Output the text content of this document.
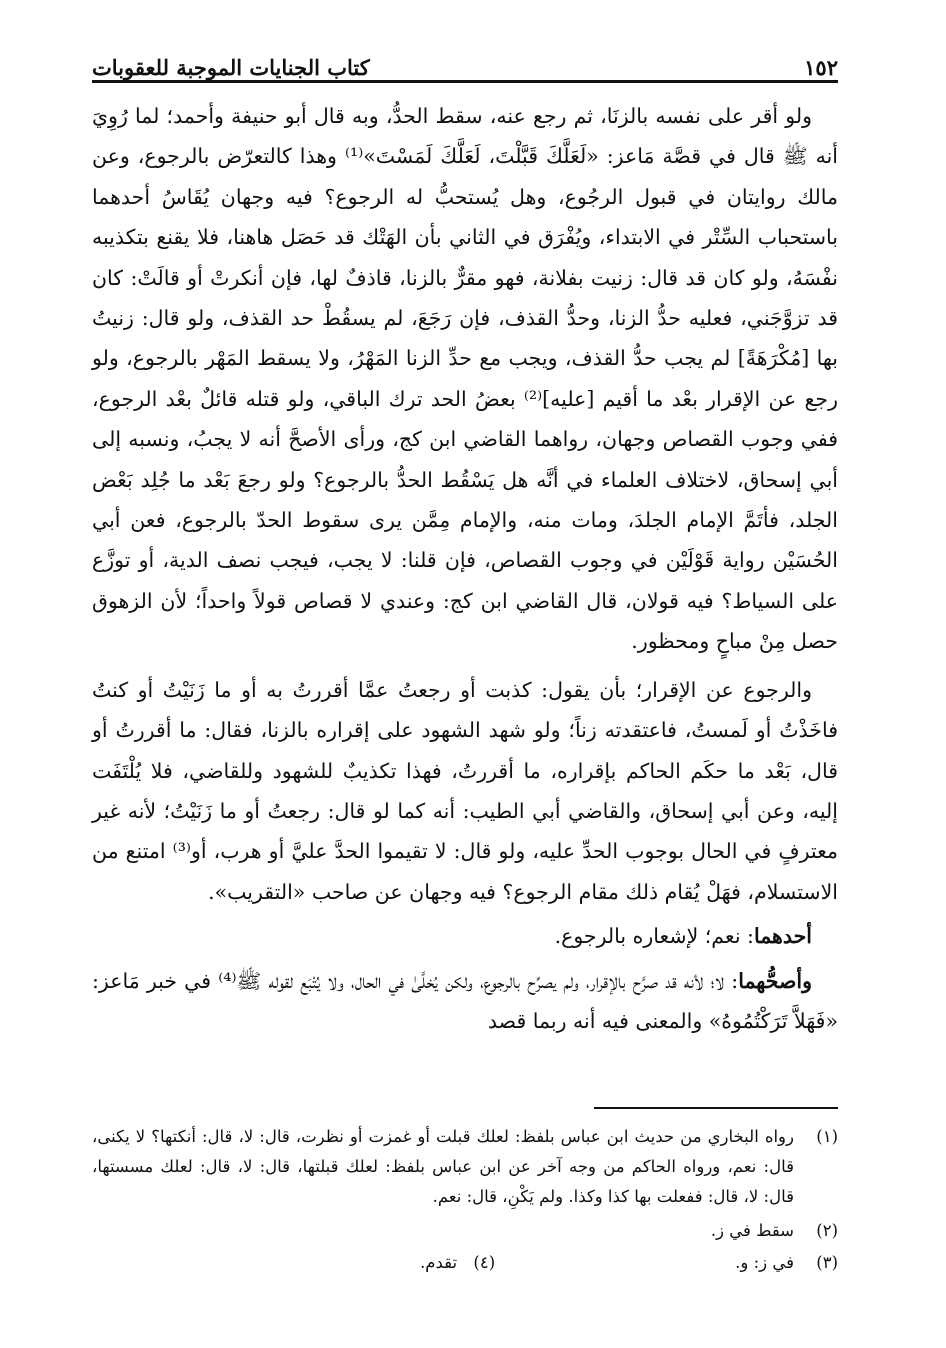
١٥٢
كتاب الجنايات الموجبة للعقوبات

ولو أقر على نفسه بالزنَا، ثم رجع عنه، سقط الحدُّ، وبه قال أبو حنيفة وأحمد؛ لما رُوِيَ أنه ﷺ قال في قصَّة مَاعز: «لَعَلَّكَ قَبَّلْتَ، لَعَلَّكَ لَمَسْتَ»⁽¹⁾ وهذا كالتعرّض بالرجوع، وعن مالك روايتان في قبول الرجُوع، وهل يُستحبُّ له الرجوع؟ فيه وجهان يُقَاسُ أحدهما باستحباب السِّتْر في الابتداء، ويُفْرَق في الثاني بأن الهَتْك قد حَصَل هاهنا، فلا يقنع بتكذيبه نفْسَهُ، ولو كان قد قال: زنيت بفلانة، فهو مقرٌّ بالزنا، قاذفٌ لها، فإن أنكرتْ أو قالَتْ: كان قد تزوَّجَني، فعليه حدُّ الزنا، وحدُّ القذف، فإن رَجَعَ، لم يسقُطْ حد القذف، ولو قال: زنيتُ بها [مُكْرَهَةً] لم يجب حدُّ القذف، ويجب مع حدِّ الزنا المَهْرُ، ولا يسقط المَهْر بالرجوع، ولو رجع عن الإقرار بعْد ما أقيم [عليه]⁽²⁾ بعضُ الحد ترك الباقي، ولو قتله قائلٌ بعْد الرجوع، ففي وجوب القصاص وجهان، رواهما القاضي ابن كج، ورأى الأصحَّ أنه لا يجبُ، ونسبه إلى أبي إسحاق، لاختلاف العلماء في أنَّه هل يَسْقُط الحدُّ بالرجوع؟ ولو رجعَ بَعْد ما جُلِد بَعْض الجلد، فأتَمَّ الإمام الجلدَ، ومات منه، والإمام مِمَّن يرى سقوط الحدّ بالرجوع، فعن أبي الحُسَيْن رواية قَوْلَيْن في وجوب القصاص، فإن قلنا: لا يجب، فيجب نصف الدية، أو توزَّع على السياط؟ فيه قولان، قال القاضي ابن كج: وعندي لا قصاص قولاً واحداً؛ لأن الزهوق حصل مِنْ مباحٍ ومحظور.

والرجوع عن الإقرار؛ بأن يقول: كذبت أو رجعتُ عمَّا أقررتُ به أو ما زَنَيْتُ أو كنتُ فاخَذْتُ أو لَمستُ، فاعتقدته زناً؛ ولو شهد الشهود على إقراره بالزنا، فقال: ما أقررتُ أو قال، بَعْد ما حكَم الحاكم بإقراره، ما أقررتُ، فهذا تكذيبٌ للشهود وللقاضي، فلا يُلْتَفَت إليه، وعن أبي إسحاق، والقاضي أبي الطيب: أنه كما لو قال: رجعتُ أو ما زَنَيْتُ؛ لأنه غير معترفٍ في الحال بوجوب الحدِّ عليه، ولو قال: لا تقيموا الحدَّ عليَّ أو هرب، أو⁽³⁾ امتنع من الاستسلام، فهَلْ يُقام ذلك مقام الرجوع؟ فيه وجهان عن صاحب «التقريب».

أحدهما: نعم؛ لإشعاره بالرجوع.

وأصحُّهما: لا؛ لأنه قد صرَّح بالإقرار، ولم يصرِّح بالرجوع، ولكن يُخلَّىٰ في الحال، ولا يُتْبَع لقوله ﷺ⁽⁴⁾ في خبر مَاعز: «فَهَلاَّ تَرَكْتُمُوهُ» والمعنى فيه أنه ربما قصد

(١)
رواه البخاري من حديث ابن عباس بلفظ: لعلك قبلت أو غمزت أو نظرت، قال: لا، قال: أنكتها؟ لا يكنى، قال: نعم، ورواه الحاكم من وجه آخر عن ابن عباس بلفظ: لعلك قبلتها، قال: لا، قال: لعلك مسستها، قال: لا، قال: ففعلت بها كذا وكذا. ولم يَكْنِ، قال: نعم.
(٢)
سقط في ز.
(٣)
في ز: و.
(٤)
تقدم.
